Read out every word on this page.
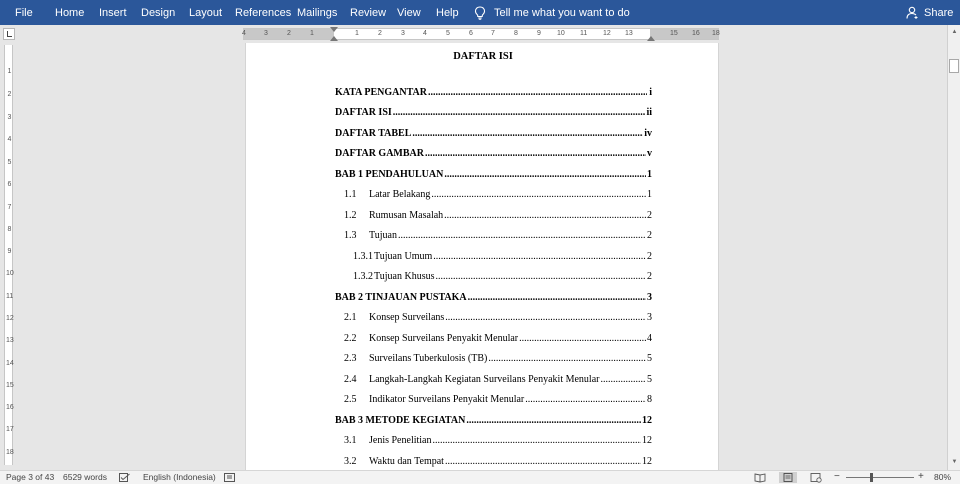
File Home Insert Design Layout References Mailings Review View Help	Tell me what you want to do	Share
4	3	2	1	1	2	3	4	5	6	7	8	9 10 11 12 13	15 16 18
1
2
3
4
5
6
7
8
9
10
11
12
13
14
15
16
17
18
DAFTAR ISI
KATA PENGANTAR .....	i
DAFTAR ISI .....	ii
DAFTAR TABEL .....	iv
DAFTAR GAMBAR .....	v
BAB 1 PENDAHULUAN .....	1
1.1	Latar Belakang .....	1
1.2	Rumusan Masalah .....	2
1.3	Tujuan .....	2
1.3.1 Tujuan Umum .....	2
1.3.2 Tujuan Khusus .....	2
BAB 2 TINJAUAN PUSTAKA .....	3
2.1	Konsep Surveilans .....	3
2.2	Konsep Surveilans Penyakit Menular .....	4
2.3	Surveilans Tuberkulosis (TB) .....	5
2.4	Langkah-Langkah Kegiatan Surveilans Penyakit Menular .....	5
2.5	Indikator Surveilans Penyakit Menular .....	8
BAB 3 METODE KEGIATAN .....	12
3.1	Jenis Penelitian .....	12
3.2	Waktu dan Tempat .....	12
▲
▼
Page 3 of 43 6529 words	English (Indonesia)	−	+ 80%
